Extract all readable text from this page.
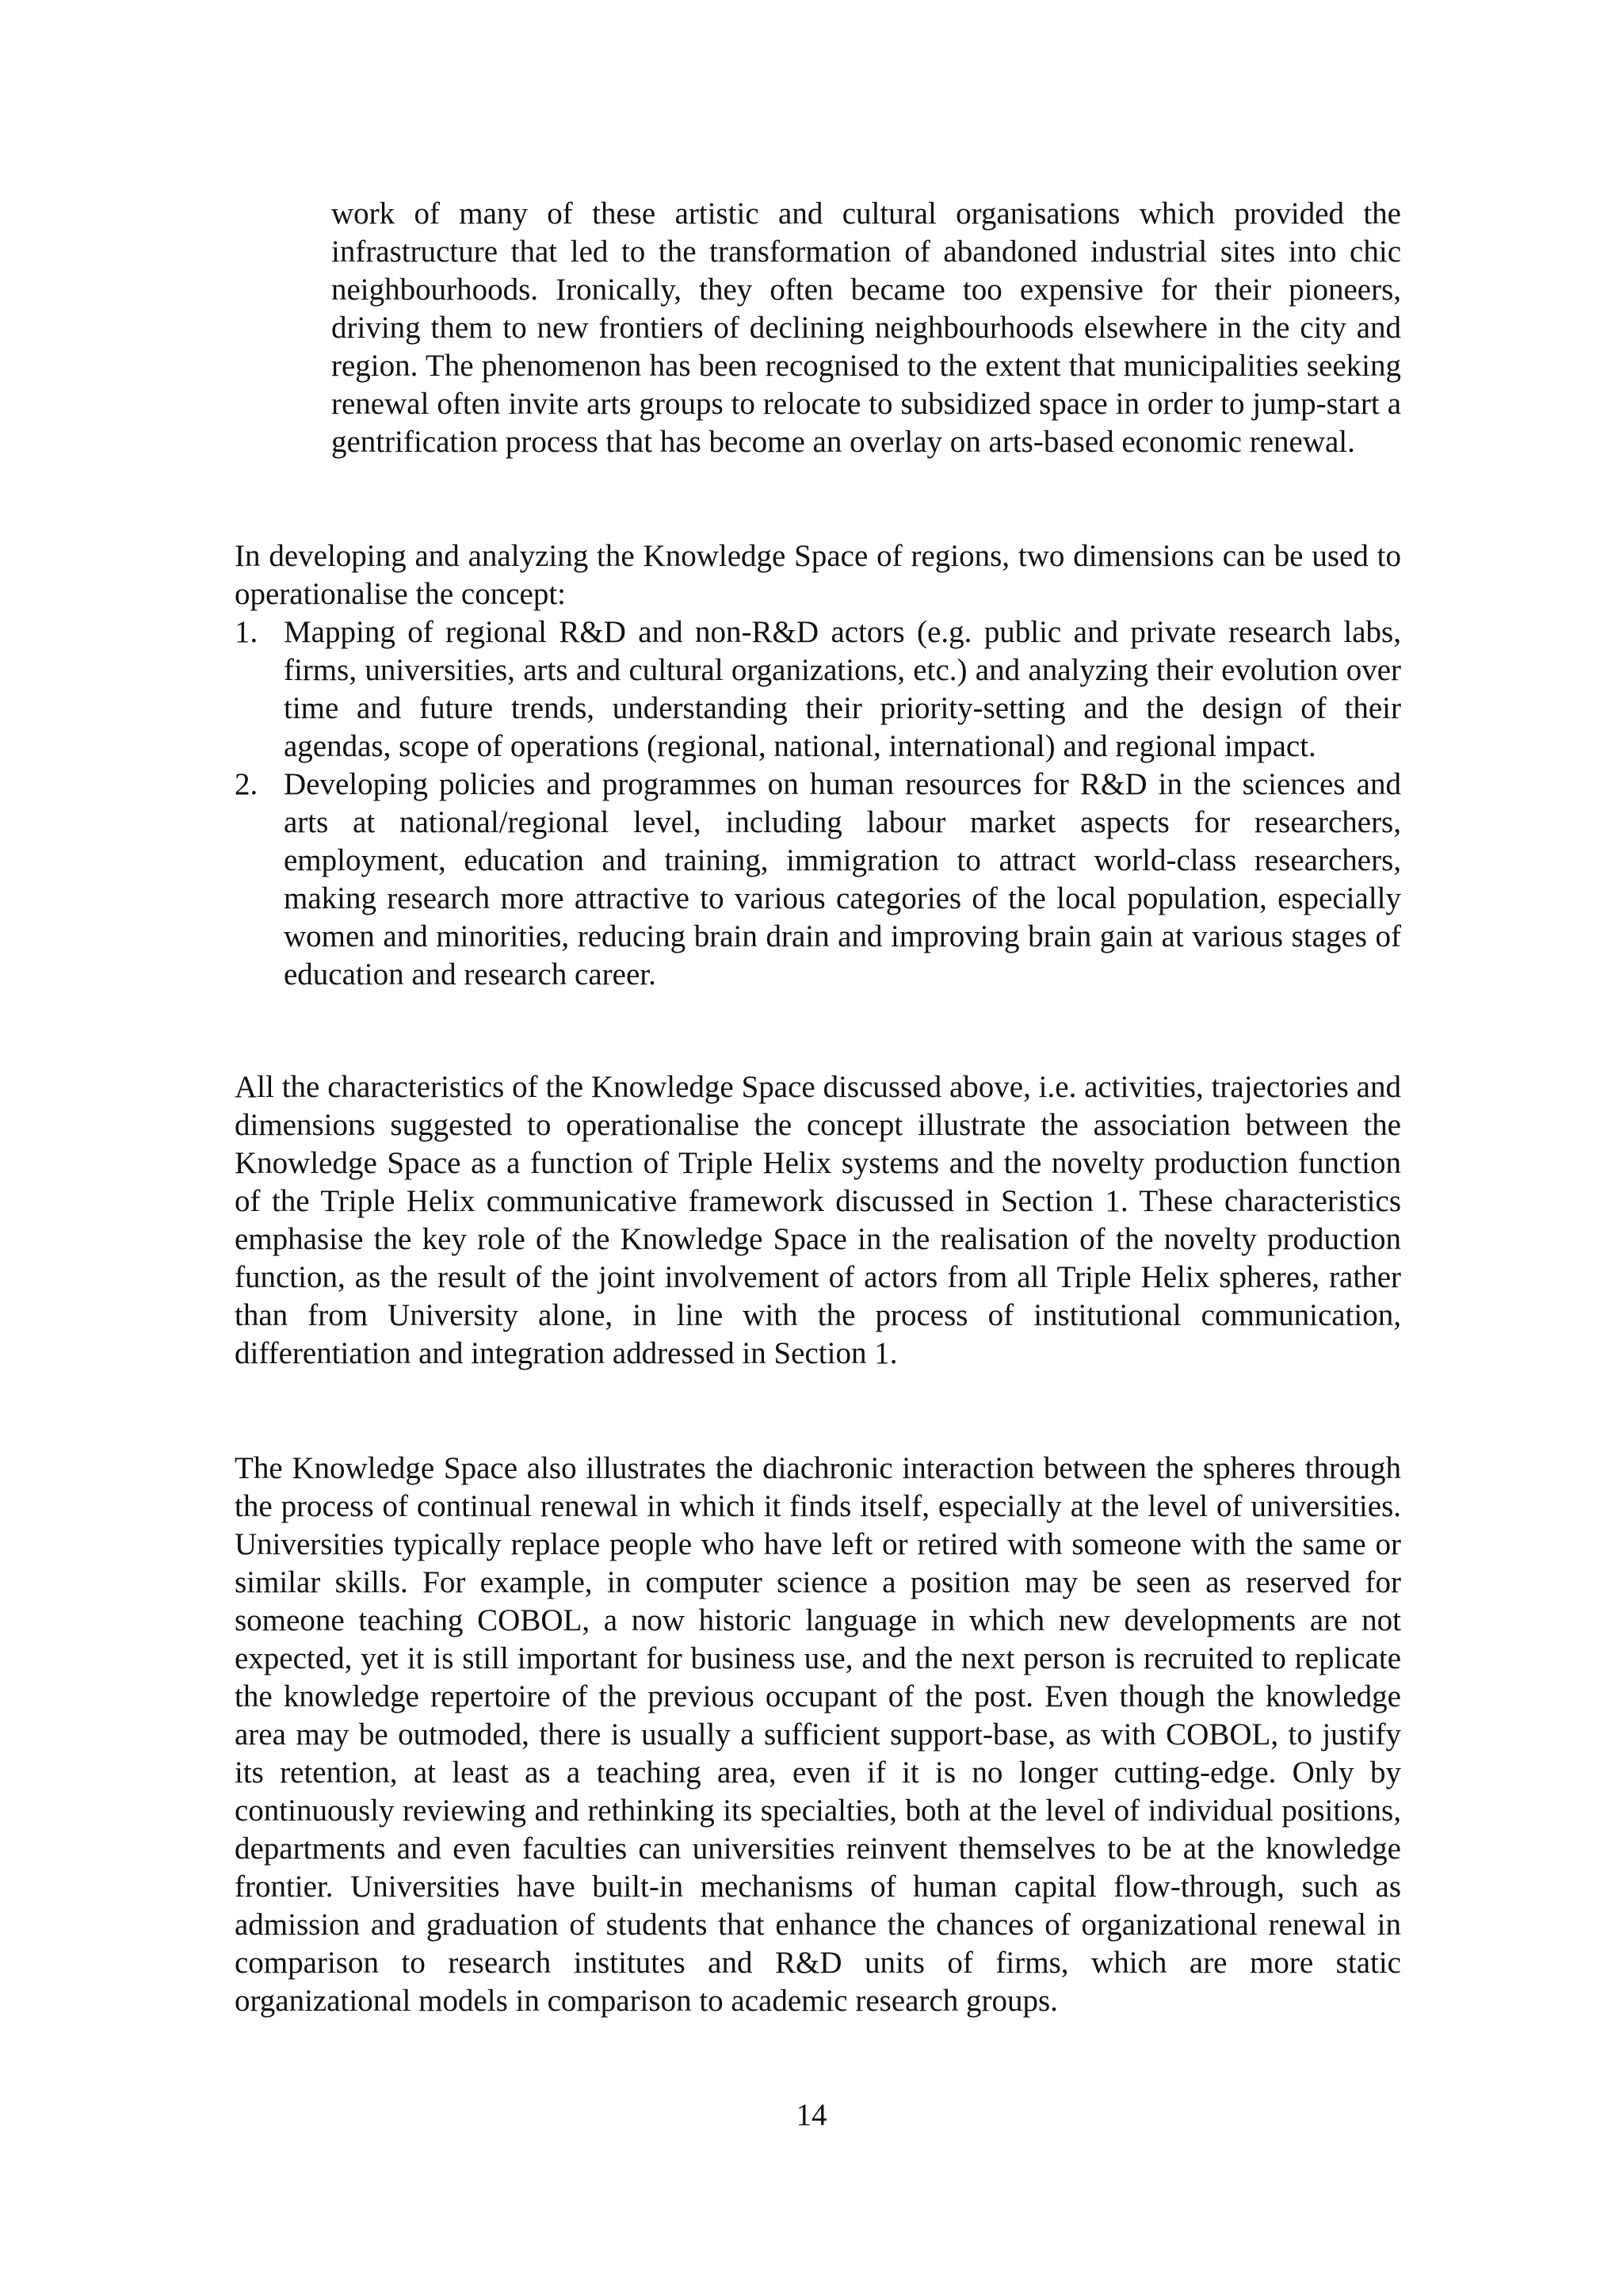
work of many of these artistic and cultural organisations which provided the infrastructure that led to the transformation of abandoned industrial sites into chic neighbourhoods. Ironically, they often became too expensive for their pioneers, driving them to new frontiers of declining neighbourhoods elsewhere in the city and region. The phenomenon has been recognised to the extent that municipalities seeking renewal often invite arts groups to relocate to subsidized space in order to jump-start a gentrification process that has become an overlay on arts-based economic renewal.

In developing and analyzing the Knowledge Space of regions, two dimensions can be used to operationalise the concept:

1. Mapping of regional R&D and non-R&D actors (e.g. public and private research labs, firms, universities, arts and cultural organizations, etc.) and analyzing their evolution over time and future trends, understanding their priority-setting and the design of their agendas, scope of operations (regional, national, international) and regional impact.
2. Developing policies and programmes on human resources for R&D in the sciences and arts at national/regional level, including labour market aspects for researchers, employment, education and training, immigration to attract world-class researchers, making research more attractive to various categories of the local population, especially women and minorities, reducing brain drain and improving brain gain at various stages of education and research career.

All the characteristics of the Knowledge Space discussed above, i.e. activities, trajectories and dimensions suggested to operationalise the concept illustrate the association between the Knowledge Space as a function of Triple Helix systems and the novelty production function of the Triple Helix communicative framework discussed in Section 1. These characteristics emphasise the key role of the Knowledge Space in the realisation of the novelty production function, as the result of the joint involvement of actors from all Triple Helix spheres, rather than from University alone, in line with the process of institutional communication, differentiation and integration addressed in Section 1.

The Knowledge Space also illustrates the diachronic interaction between the spheres through the process of continual renewal in which it finds itself, especially at the level of universities. Universities typically replace people who have left or retired with someone with the same or similar skills. For example, in computer science a position may be seen as reserved for someone teaching COBOL, a now historic language in which new developments are not expected, yet it is still important for business use, and the next person is recruited to replicate the knowledge repertoire of the previous occupant of the post. Even though the knowledge area may be outmoded, there is usually a sufficient support-base, as with COBOL, to justify its retention, at least as a teaching area, even if it is no longer cutting-edge. Only by continuously reviewing and rethinking its specialties, both at the level of individual positions, departments and even faculties can universities reinvent themselves to be at the knowledge frontier. Universities have built-in mechanisms of human capital flow-through, such as admission and graduation of students that enhance the chances of organizational renewal in comparison to research institutes and R&D units of firms, which are more static organizational models in comparison to academic research groups.

14
